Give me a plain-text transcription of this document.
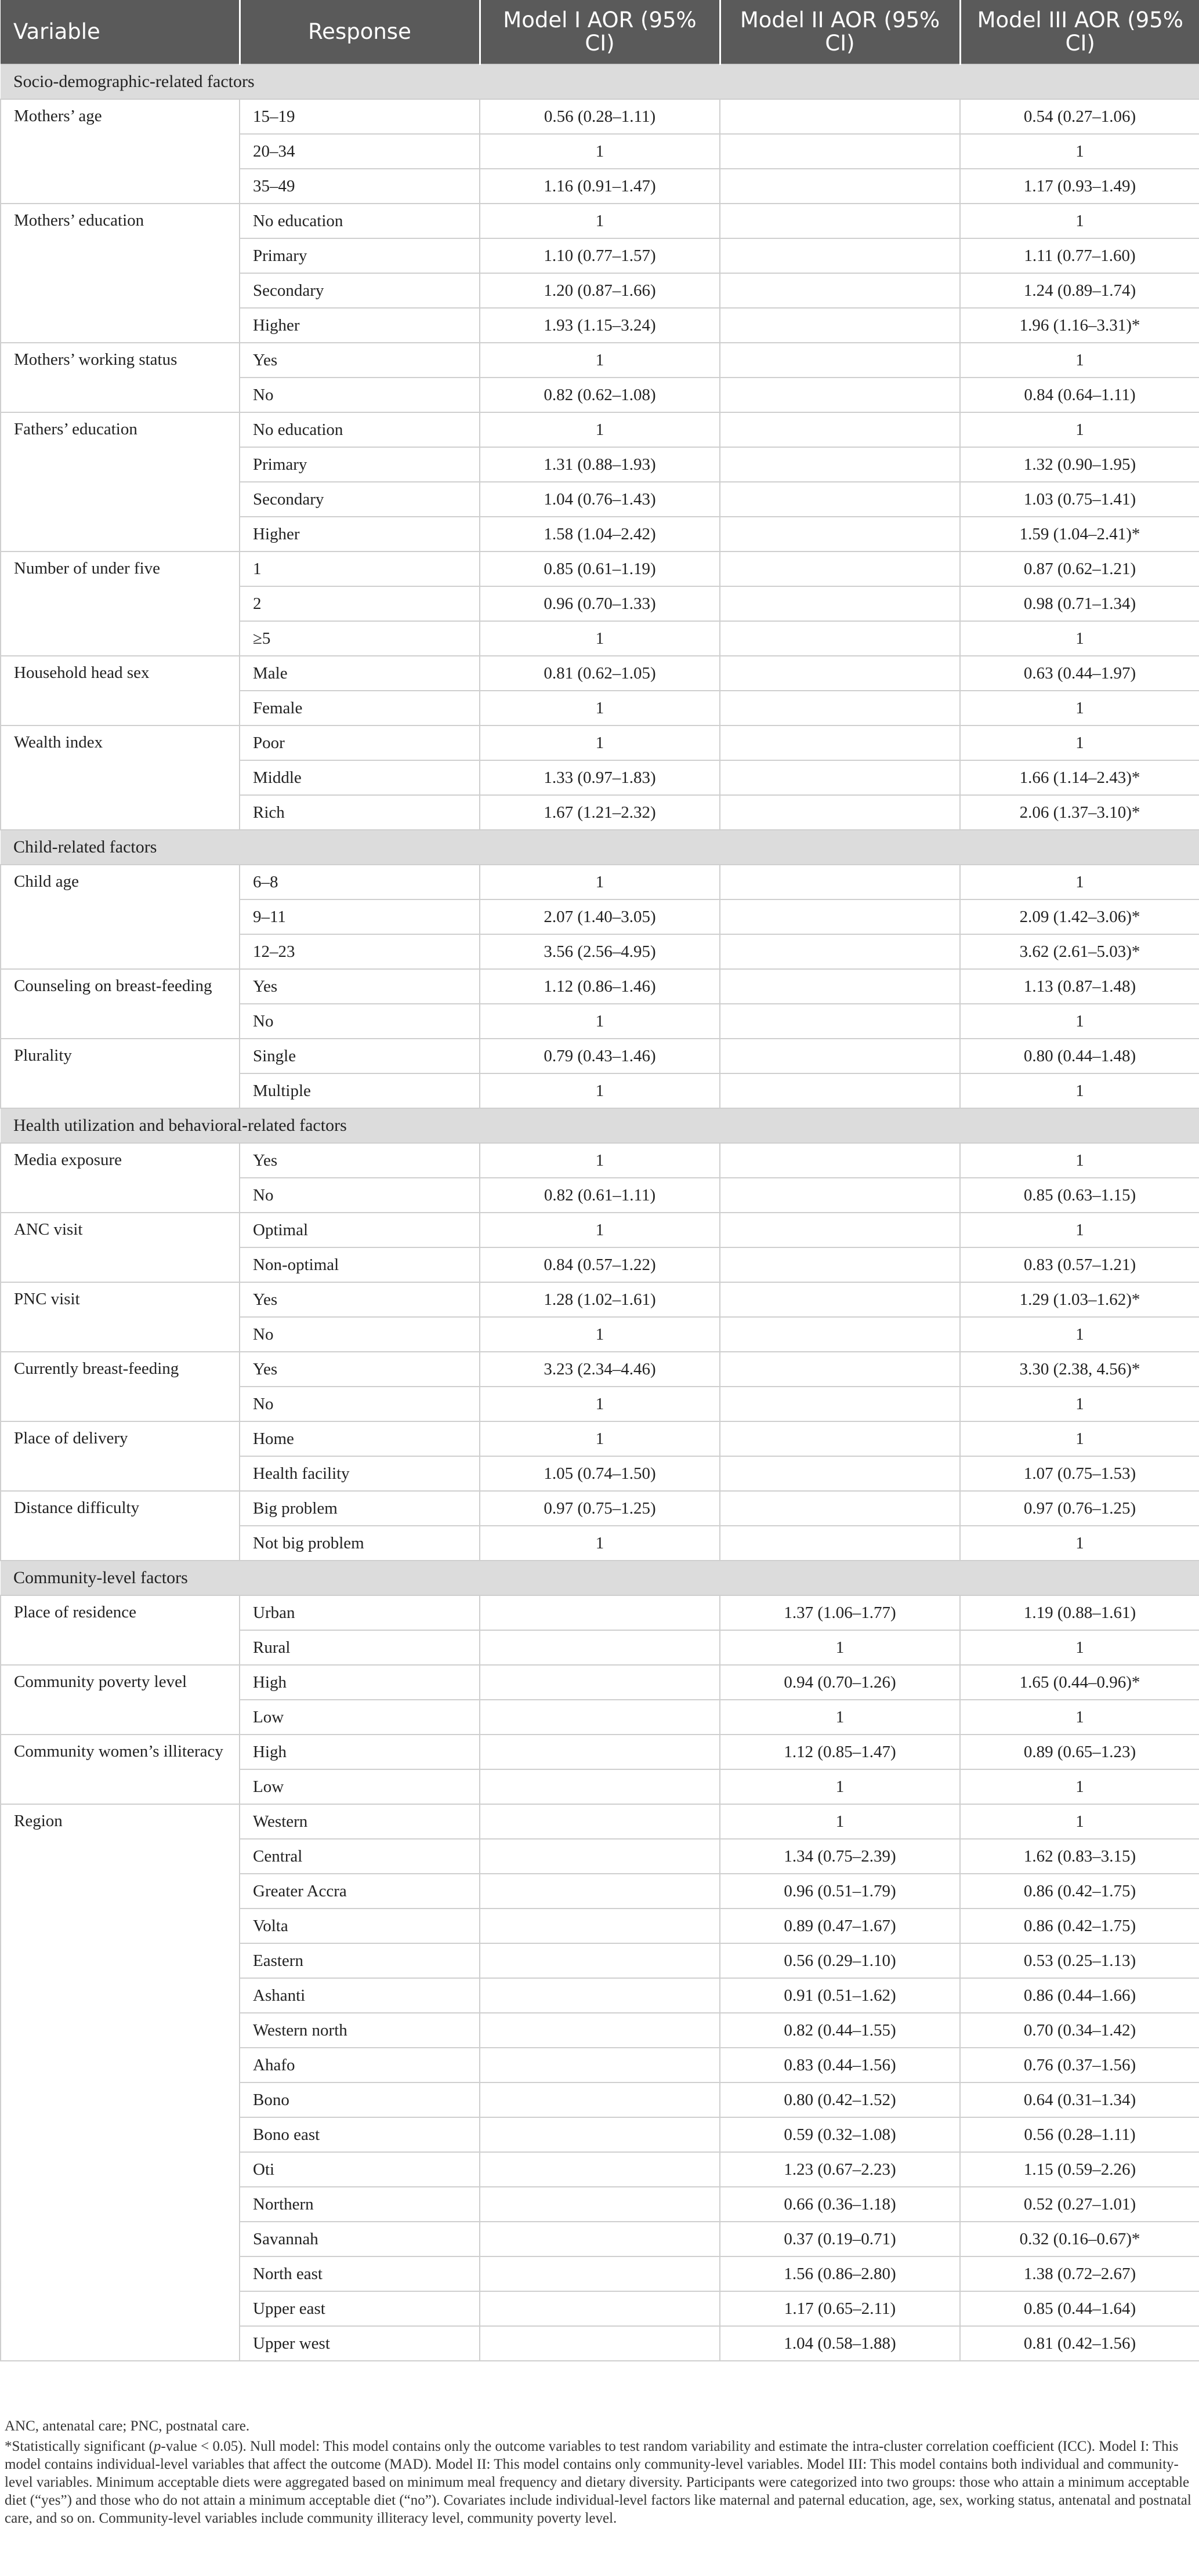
Variable	Response	Model I AOR (95% CI)	Model II AOR (95% CI)	Model III AOR (95% CI)
Socio-demographic-related factors				
Mothers’ age	15–19	0.56 (0.28–1.11)		0.54 (0.27–1.06)
	20–34	1		1
	35–49	1.16 (0.91–1.47)		1.17 (0.93–1.49)
Mothers’ education	No education	1		1
	Primary	1.10 (0.77–1.57)		1.11 (0.77–1.60)
	Secondary	1.20 (0.87–1.66)		1.24 (0.89–1.74)
	Higher	1.93 (1.15–3.24)		1.96 (1.16–3.31)*
Mothers’ working status	Yes	1		1
	No	0.82 (0.62–1.08)		0.84 (0.64–1.11)
Fathers’ education	No education	1		1
	Primary	1.31 (0.88–1.93)		1.32 (0.90–1.95)
	Secondary	1.04 (0.76–1.43)		1.03 (0.75–1.41)
	Higher	1.58 (1.04–2.42)		1.59 (1.04–2.41)*
Number of under five	1	0.85 (0.61–1.19)		0.87 (0.62–1.21)
	2	0.96 (0.70–1.33)		0.98 (0.71–1.34)
	≥5	1		1
Household head sex	Male	0.81 (0.62–1.05)		0.63 (0.44–1.97)
	Female	1		1
Wealth index	Poor	1		1
	Middle	1.33 (0.97–1.83)		1.66 (1.14–2.43)*
	Rich	1.67 (1.21–2.32)		2.06 (1.37–3.10)*
Child-related factors				
Child age	6–8	1		1
	9–11	2.07 (1.40–3.05)		2.09 (1.42–3.06)*
	12–23	3.56 (2.56–4.95)		3.62 (2.61–5.03)*
Counseling on breast-feeding	Yes	1.12 (0.86–1.46)		1.13 (0.87–1.48)
	No	1		1
Plurality	Single	0.79 (0.43–1.46)		0.80 (0.44–1.48)
	Multiple	1		1
Health utilization and behavioral-related factors				
Media exposure	Yes	1		1
	No	0.82 (0.61–1.11)		0.85 (0.63–1.15)
ANC visit	Optimal	1		1
	Non-optimal	0.84 (0.57–1.22)		0.83 (0.57–1.21)
PNC visit	Yes	1.28 (1.02–1.61)		1.29 (1.03–1.62)*
	No	1		1
Currently breast-feeding	Yes	3.23 (2.34–4.46)		3.30 (2.38, 4.56)*
	No	1		1
Place of delivery	Home	1		1
	Health facility	1.05 (0.74–1.50)		1.07 (0.75–1.53)
Distance difficulty	Big problem	0.97 (0.75–1.25)		0.97 (0.76–1.25)
	Not big problem	1		1
Community-level factors				
Place of residence	Urban		1.37 (1.06–1.77)	1.19 (0.88–1.61)
	Rural		1	1
Community poverty level	High		0.94 (0.70–1.26)	1.65 (0.44–0.96)*
	Low		1	1
Community women’s illiteracy	High		1.12 (0.85–1.47)	0.89 (0.65–1.23)
	Low		1	1
Region	Western		1	1
	Central		1.34 (0.75–2.39)	1.62 (0.83–3.15)
	Greater Accra		0.96 (0.51–1.79)	0.86 (0.42–1.75)
	Volta		0.89 (0.47–1.67)	0.86 (0.42–1.75)
	Eastern		0.56 (0.29–1.10)	0.53 (0.25–1.13)
	Ashanti		0.91 (0.51–1.62)	0.86 (0.44–1.66)
	Western north		0.82 (0.44–1.55)	0.70 (0.34–1.42)
	Ahafo		0.83 (0.44–1.56)	0.76 (0.37–1.56)
	Bono		0.80 (0.42–1.52)	0.64 (0.31–1.34)
	Bono east		0.59 (0.32–1.08)	0.56 (0.28–1.11)
	Oti		1.23 (0.67–2.23)	1.15 (0.59–2.26)
	Northern		0.66 (0.36–1.18)	0.52 (0.27–1.01)
	Savannah		0.37 (0.19–0.71)	0.32 (0.16–0.67)*
	North east		1.56 (0.86–2.80)	1.38 (0.72–2.67)
	Upper east		1.17 (0.65–2.11)	0.85 (0.44–1.64)
	Upper west		1.04 (0.58–1.88)	0.81 (0.42–1.56)

ANC, antenatal care; PNC, postnatal care.

*Statistically significant (p-value < 0.05). Null model: This model contains only the outcome variables to test random variability and estimate the intra-cluster correlation coefficient (ICC). Model I: This model contains individual-level variables that affect the outcome (MAD). Model II: This model contains only community-level variables. Model III: This model contains both individual and community-level variables. Minimum acceptable diets were aggregated based on minimum meal frequency and dietary diversity. Participants were categorized into two groups: those who attain a minimum acceptable diet (“yes”) and those who do not attain a minimum acceptable diet (“no”). Covariates include individual-level factors like maternal and paternal education, age, sex, working status, antenatal and postnatal care, and so on. Community-level variables include community illiteracy level, community poverty level.
